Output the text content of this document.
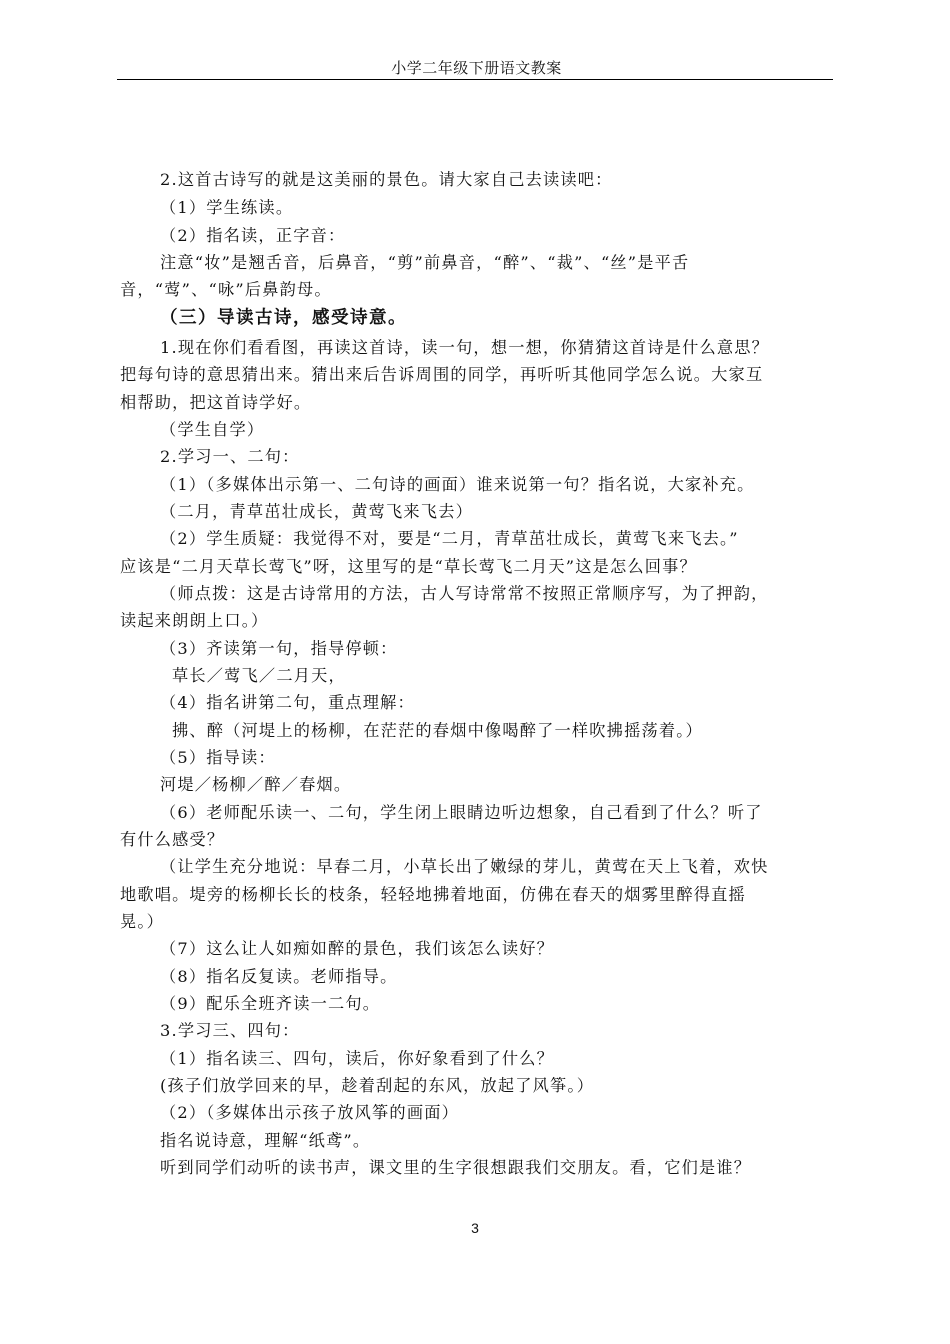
小学二年级下册语文教案
2.这首古诗写的就是这美丽的景色。请大家自己去读读吧：
（1）学生练读。
（2）指名读，正字音：
注意“妆”是翘舌音，后鼻音，“剪”前鼻音，“醉”、“裁”、“丝”是平舌
音，“莺”、“咏”后鼻韵母。
（三）导读古诗，感受诗意。
1.现在你们看看图，再读这首诗，读一句，想一想，你猜猜这首诗是什么意思？
把每句诗的意思猜出来。猜出来后告诉周围的同学，再听听其他同学怎么说。大家互
相帮助，把这首诗学好。
（学生自学）
2.学习一、二句：
（1）（多媒体出示第一、二句诗的画面）谁来说第一句？指名说，大家补充。
（二月，青草茁壮成长，黄莺飞来飞去）
（2）学生质疑：我觉得不对，要是“二月，青草茁壮成长，黄莺飞来飞去。”
应该是“二月天草长莺飞”呀，这里写的是“草长莺飞二月天”这是怎么回事？
（师点拨：这是古诗常用的方法，古人写诗常常不按照正常顺序写，为了押韵，
读起来朗朗上口。）
（3）齐读第一句，指导停顿：
草长／莺飞／二月天，
（4）指名讲第二句，重点理解：
拂、醉（河堤上的杨柳，在茫茫的春烟中像喝醉了一样吹拂摇荡着。）
（5）指导读：
河堤／杨柳／醉／春烟。
（6）老师配乐读一、二句，学生闭上眼睛边听边想象，自己看到了什么？听了
有什么感受？
（让学生充分地说：早春二月，小草长出了嫩绿的芽儿，黄莺在天上飞着，欢快
地歌唱。堤旁的杨柳长长的枝条，轻轻地拂着地面，仿佛在春天的烟雾里醉得直摇
晃。）
（7）这么让人如痴如醉的景色，我们该怎么读好？
（8）指名反复读。老师指导。
（9）配乐全班齐读一二句。
3.学习三、四句：
（1）指名读三、四句，读后，你好象看到了什么？
(孩子们放学回来的早，趁着刮起的东风，放起了风筝。）
（2）（多媒体出示孩子放风筝的画面）
指名说诗意，理解“纸鸢”。
听到同学们动听的读书声，课文里的生字很想跟我们交朋友。看，它们是谁？
3
